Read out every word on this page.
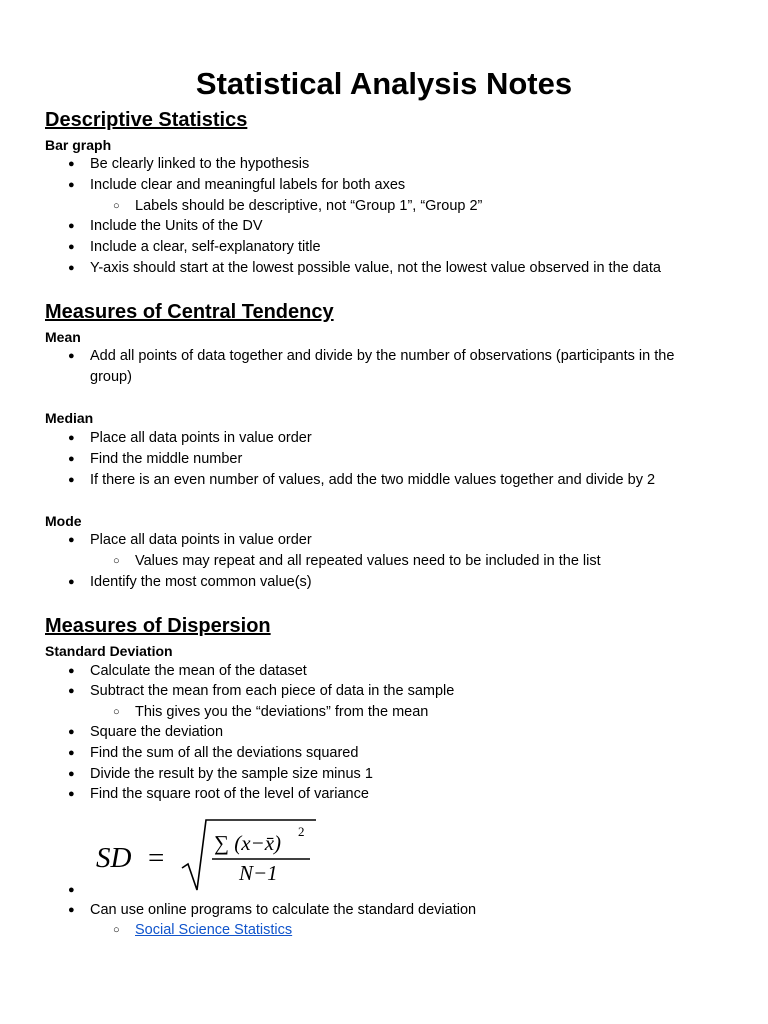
Statistical Analysis Notes
Descriptive Statistics
Bar graph
● Be clearly linked to the hypothesis
● Include clear and meaningful labels for both axes
○ Labels should be descriptive, not “Group 1”, “Group 2”
● Include the Units of the DV
● Include a clear, self-explanatory title
● Y-axis should start at the lowest possible value, not the lowest value observed in the data
Measures of Central Tendency
Mean
● Add all points of data together and divide by the number of observations (participants in the group)
Median
● Place all data points in value order
● Find the middle number
● If there is an even number of values, add the two middle values together and divide by 2
Mode
● Place all data points in value order
○ Values may repeat and all repeated values need to be included in the list
● Identify the most common value(s)
Measures of Dispersion
Standard Deviation
● Calculate the mean of the dataset
● Subtract the mean from each piece of data in the sample
○ This gives you the “deviations” from the mean
● Square the deviation
● Find the sum of all the deviations squared
● Divide the result by the sample size minus 1
● Find the square root of the level of variance
SD = ∑ (x−x̄) 2
N−1
●
● Can use online programs to calculate the standard deviation
○ Social Science Statistics
